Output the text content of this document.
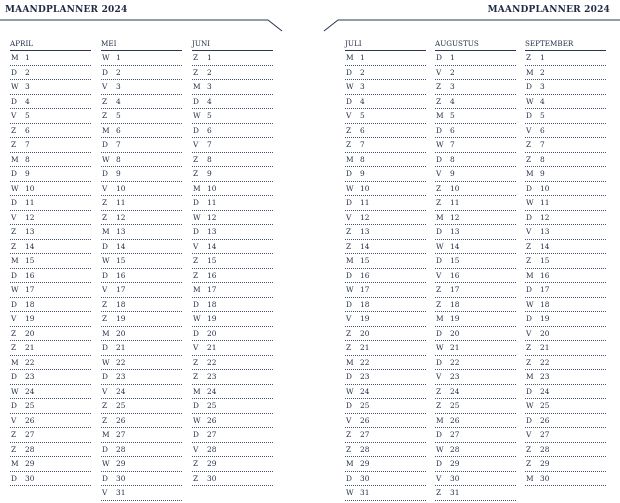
MAANDPLANNER 2024
APRIL
M 1
D	2
W 3
D	4
V	5
Z	6
Z	7
M 8
D	9
W 10
D	11
V	12
Z	13
Z	14
M 15
D	16
W 17
D	18
V	19
Z	20
Z	21
M 22
D	23
W 24
D	25
V	26
Z	27
Z	28
M 29
D	30
MEI
W 1
D	2
V	3
Z	4
Z	5
M 6
D	7
W 8
D	9
V	10
Z	11
Z	12
M 13
D	14
W 15
D	16
V	17
Z	18
Z	19
M 20
D	21
W 22
D	23
V	24
Z	25
Z	26
M 27
D	28
W 29
D	30
V	31
JUNI
Z	1
Z	2
M 3
D	4
W 5
D	6
V	7
Z	8
Z	9
M 10
D	11
W 12
D	13
V	14
Z	15
Z	16
M 17
D	18
W 19
D	20
V	21
Z	22
Z	23
M 24
D	25
W 26
D	27
V	28
Z	29
Z	30
MAANDPLANNER 2024
JULI
M 1
D	2
W 3
D	4
V	5
Z	6
Z	7
M 8
D	9
W 10
D	11
V	12
Z	13
Z	14
M 15
D	16
W 17
D	18
V	19
Z	20
Z	21
M 22
D	23
W 24
D	25
V	26
Z	27
Z	28
M 29
D	30
W 31
AUGUSTUS
D	1
V	2
Z	3
Z	4
M 5
D	6
W 7
D	8
V	9
Z	10
Z	11
M 12
D	13
W 14
D	15
V	16
Z	17
Z	18
M 19
D	20
W 21
D	22
V	23
Z	24
Z	25
M 26
D	27
W 28
D	29
V	30
Z	31
SEPTEMBER
Z	1
M 2
D	3
W 4
D	5
V	6
Z	7
Z	8
M 9
D	10
W 11
D	12
V	13
Z	14
Z	15
M 16
D	17
W 18
D	19
V	20
Z	21
Z	22
M 23
D	24
W 25
D	26
V	27
Z	28
Z	29
M 30
